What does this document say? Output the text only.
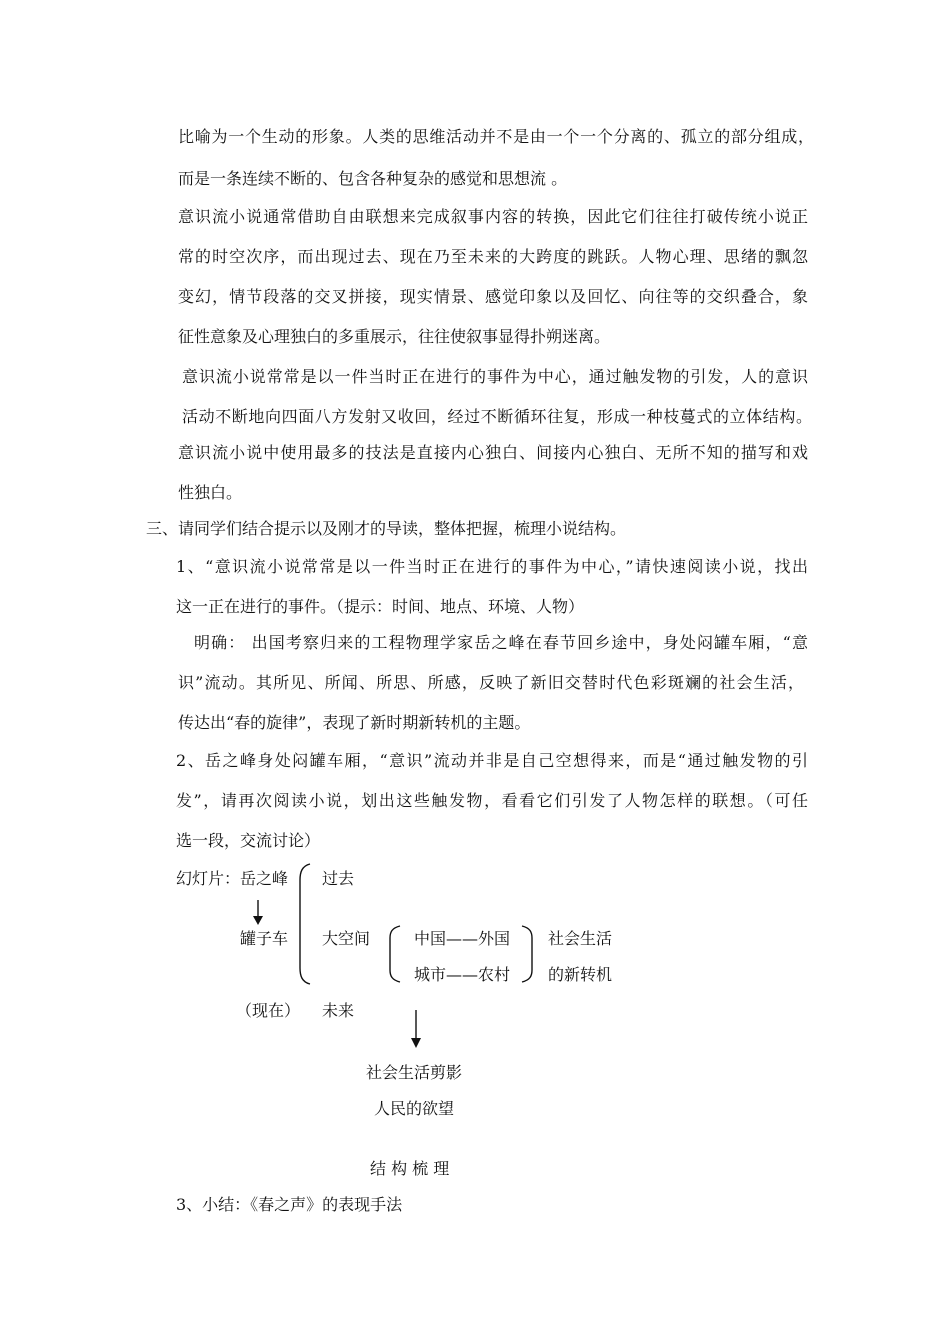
比喻为一个生动的形象。人类的思维活动并不是由一个一个分离的、孤立的部分组成，
而是一条连续不断的、包含各种复杂的感觉和思想流 。
意识流小说通常借助自由联想来完成叙事内容的转换，因此它们往往打破传统小说正
常的时空次序，而出现过去、现在乃至未来的大跨度的跳跃。人物心理、思绪的飘忽
变幻，情节段落的交叉拼接，现实情景、感觉印象以及回忆、向往等的交织叠合，象
征性意象及心理独白的多重展示，往往使叙事显得扑朔迷离。
意识流小说常常是以一件当时正在进行的事件为中心，通过触发物的引发，人的意识
活动不断地向四面八方发射又收回，经过不断循环往复，形成一种枝蔓式的立体结构。
意识流小说中使用最多的技法是直接内心独白、间接内心独白、无所不知的描写和戏
性独白。
三、请同学们结合提示以及刚才的导读，整体把握，梳理小说结构。
1、“意识流小说常常是以一件当时正在进行的事件为中心，”请快速阅读小说，找出
这一正在进行的事件。（提示：时间、地点、环境、人物）
明确： 出国考察归来的工程物理学家岳之峰在春节回乡途中，身处闷罐车厢，“意
识”流动。其所见、所闻、所思、所感，反映了新旧交替时代色彩斑斓的社会生活，
传达出“春的旋律”，表现了新时期新转机的主题。
2、岳之峰身处闷罐车厢，“意识”流动并非是自己空想得来，而是“通过触发物的引
发”，请再次阅读小说，划出这些触发物，看看它们引发了人物怎样的联想。（可任
选一段，交流讨论）
幻灯片：岳之峰
罐子车
（现在）
过去
大空间
未来
中国——外国
城市——农村
社会生活
的新转机
社会生活剪影
人民的欲望
结 构 梳 理
3、小结：《春之声》的表现手法
